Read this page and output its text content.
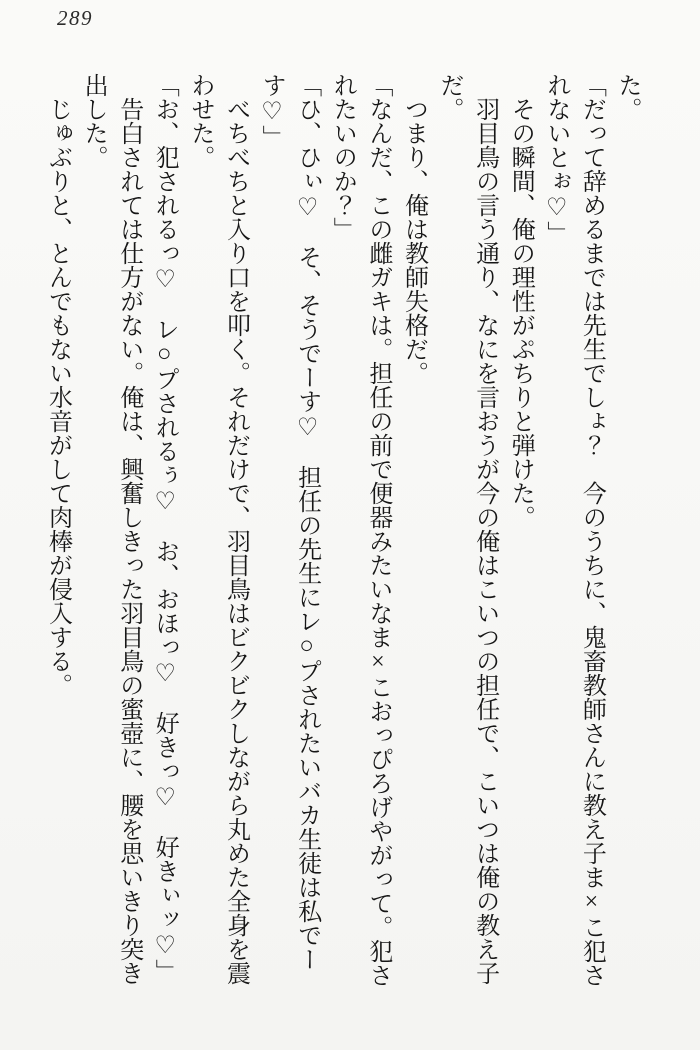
289

た。

「だって辞めるまでは先生でしょ？　今のうちに、鬼畜教師さんに教え子ま×こ犯されないとぉ♡」

その瞬間、俺の理性がぷちりと弾けた。

羽目鳥の言う通り、なにを言おうが今の俺はこいつの担任で、こいつは俺の教え子だ。

つまり、俺は教師失格だ。

「なんだ、この雌ガキは。担任の前で便器みたいなま×こおっぴろげやがって。犯されたいのか？」

「ひ、ひぃ♡　そ、そうでーす♡　担任の先生にレ○プされたいバカ生徒は私でーす♡」

べちべちと入り口を叩く。それだけで、羽目鳥はビクビクしながら丸めた全身を震わせた。

「お、犯されるっ♡　レ○プされるぅ♡　お、おほっ♡　好きっ♡　好きぃッ♡」

告白されては仕方がない。俺は、興奮しきった羽目鳥の蜜壺に、腰を思いきり突き出した。

じゅぶりと、とんでもない水音がして肉棒が侵入する。
